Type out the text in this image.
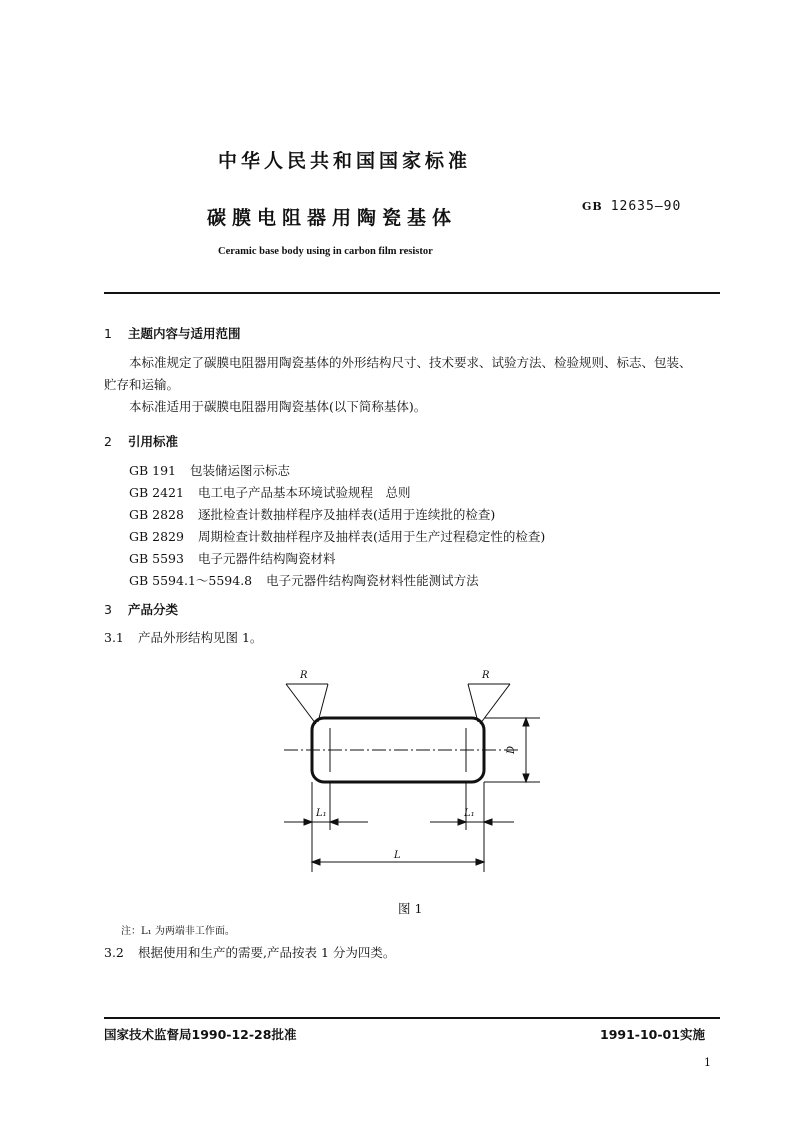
中华人民共和国国家标准
碳膜电阻器用陶瓷基体
GB 12635—90
Ceramic base body using in carbon film resistor
1 主题内容与适用范围
本标准规定了碳膜电阻器用陶瓷基体的外形结构尺寸、技术要求、试验方法、检验规则、标志、包装、
贮存和运输。
本标准适用于碳膜电阻器用陶瓷基体(以下简称基体)。
2 引用标准
GB 191 包装储运图示标志
GB 2421 电工电子产品基本环境试验规程　总则
GB 2828 逐批检查计数抽样程序及抽样表(适用于连续批的检查)
GB 2829 周期检查计数抽样程序及抽样表(适用于生产过程稳定性的检查)
GB 5593 电子元器件结构陶瓷材料
GB 5594.1～5594.8 电子元器件结构陶瓷材料性能测试方法
3 产品分类
3.1 产品外形结构见图 1。
R	R
D
L₁	L₁
L
图 1
注：L₁ 为两端非工作面。
3.2 根据使用和生产的需要,产品按表 1 分为四类。
国家技术监督局1990-12-28批准	1991-10-01实施
1
